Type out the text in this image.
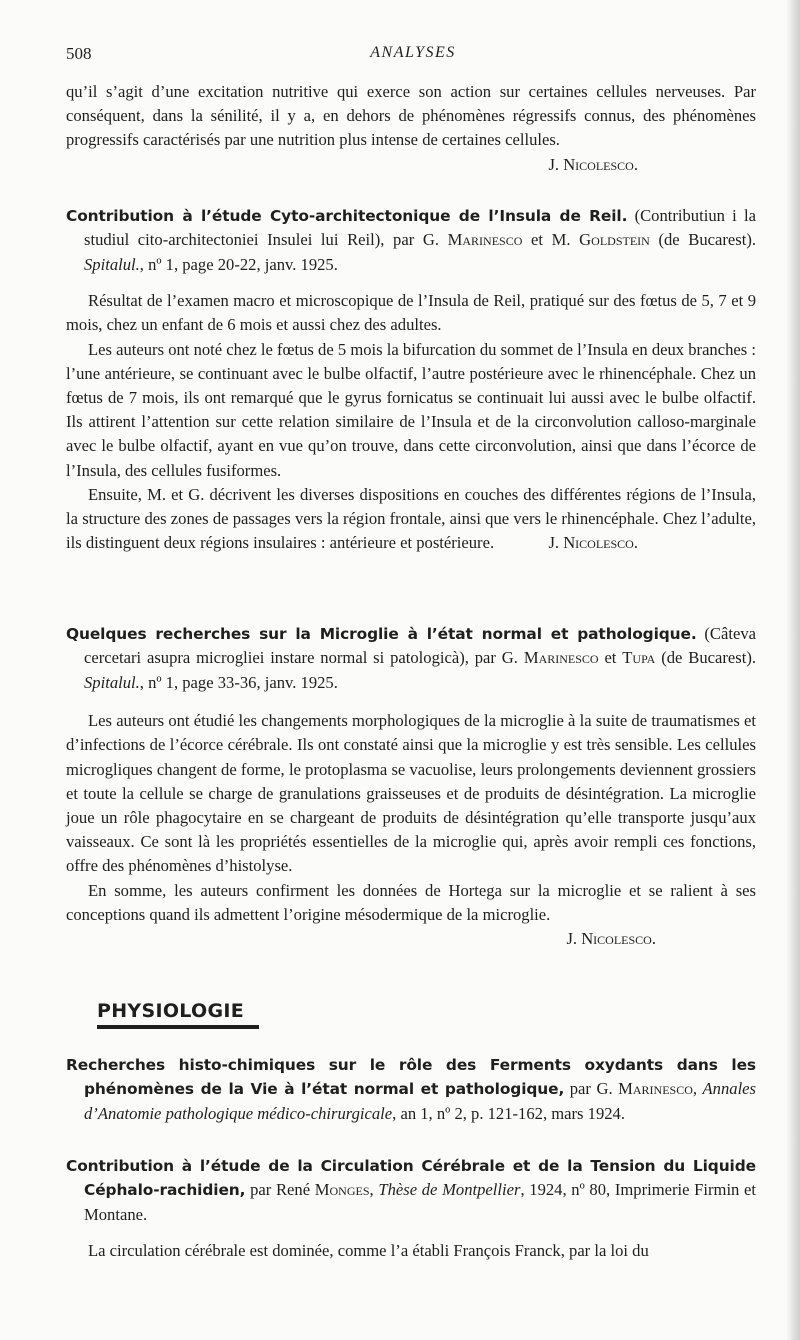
508	ANALYSES

qu’il s’agit d’une excitation nutritive qui exerce son action sur certaines cellules nerveuses. Par conséquent, dans la sénilité, il y a, en dehors de phénomènes régressifs connus, des phénomènes progressifs caractérisés par une nutrition plus intense de certaines cellules.
J. Nicolesco.

Contribution à l’étude Cyto-architectonique de l’Insula de Reil. (Contributiun i la studiul cito-architectoniei Insulei lui Reil), par G. Marinesco et M. Goldstein (de Bucarest). Spitalul., nº 1, page 20-22, janv. 1925.

Résultat de l’examen macro et microscopique de l’Insula de Reil, pratiqué sur des fœtus de 5, 7 et 9 mois, chez un enfant de 6 mois et aussi chez des adultes.

Les auteurs ont noté chez le fœtus de 5 mois la bifurcation du sommet de l’Insula en deux branches : l’une antérieure, se continuant avec le bulbe olfactif, l’autre postérieure avec le rhinencéphale. Chez un fœtus de 7 mois, ils ont remarqué que le gyrus fornicatus se continuait lui aussi avec le bulbe olfactif. Ils attirent l’attention sur cette relation similaire de l’Insula et de la circonvolution calloso-marginale avec le bulbe olfactif, ayant en vue qu’on trouve, dans cette circonvolution, ainsi que dans l’écorce de l’Insula, des cellules fusiformes.

Ensuite, M. et G. décrivent les diverses dispositions en couches des différentes régions de l’Insula, la structure des zones de passages vers la région frontale, ainsi que vers le rhinencéphale. Chez l’adulte, ils distinguent deux régions insulaires : antérieure et postérieure.	J. Nicolesco.

Quelques recherches sur la Microglie à l’état normal et pathologique. (Câteva cercetari asupra microgliei instare normal si patologicà), par G. Marinesco et Tupa (de Bucarest). Spitalul., nº 1, page 33-36, janv. 1925.

Les auteurs ont étudié les changements morphologiques de la microglie à la suite de traumatismes et d’infections de l’écorce cérébrale. Ils ont constaté ainsi que la microglie y est très sensible. Les cellules microgliques changent de forme, le protoplasma se vacuolise, leurs prolongements deviennent grossiers et toute la cellule se charge de granulations graisseuses et de produits de désintégration. La microglie joue un rôle phagocytaire en se chargeant de produits de désintégration qu’elle transporte jusqu’aux vaisseaux. Ce sont là les propriétés essentielles de la microglie qui, après avoir rempli ces fonctions, offre des phénomènes d’histolyse.

En somme, les auteurs confirment les données de Hortega sur la microglie et se ralient à ses conceptions quand ils admettent l’origine mésodermique de la microglie.

J. Nicolesco.
PHYSIOLOGIE

Recherches histo-chimiques sur le rôle des Ferments oxydants dans les phénomènes de la Vie à l’état normal et pathologique, par G. Marinesco, Annales d’Anatomie pathologique médico-chirurgicale, an 1, nº 2, p. 121-162, mars 1924.

Contribution à l’étude de la Circulation Cérébrale et de la Tension du Liquide Céphalo-rachidien, par René Monges, Thèse de Montpellier, 1924, nº 80, Imprimerie Firmin et Montane.

La circulation cérébrale est dominée, comme l’a établi François Franck, par la loi du
